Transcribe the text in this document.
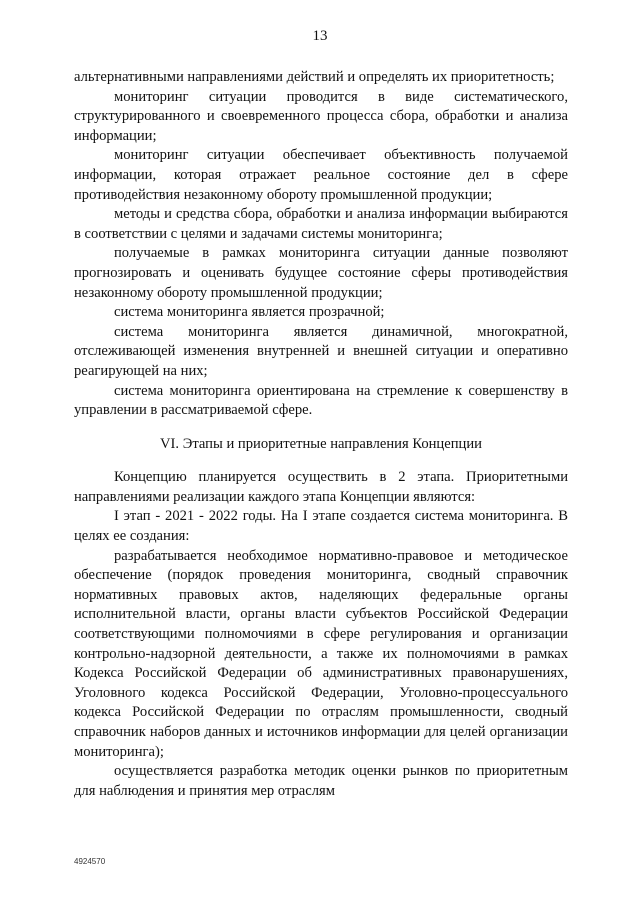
13

альтернативными направлениями действий и определять их приоритетность;

мониторинг ситуации проводится в виде систематического, структурированного и своевременного процесса сбора, обработки и анализа информации;

мониторинг ситуации обеспечивает объективность получаемой информации, которая отражает реальное состояние дел в сфере противодействия незаконному обороту промышленной продукции;

методы и средства сбора, обработки и анализа информации выбираются в соответствии с целями и задачами системы мониторинга;

получаемые в рамках мониторинга ситуации данные позволяют прогнозировать и оценивать будущее состояние сферы противодействия незаконному обороту промышленной продукции;

система мониторинга является прозрачной;

система мониторинга является динамичной, многократной, отслеживающей изменения внутренней и внешней ситуации и оперативно реагирующей на них;

система мониторинга ориентирована на стремление к совершенству в управлении в рассматриваемой сфере.

VI. Этапы и приоритетные направления Концепции

Концепцию планируется осуществить в 2 этапа. Приоритетными направлениями реализации каждого этапа Концепции являются:

I этап - 2021 - 2022 годы. На I этапе создается система мониторинга. В целях ее создания:

разрабатывается необходимое нормативно-правовое и методическое обеспечение (порядок проведения мониторинга, сводный справочник нормативных правовых актов, наделяющих федеральные органы исполнительной власти, органы власти субъектов Российской Федерации соответствующими полномочиями в сфере регулирования и организации контрольно-надзорной деятельности, а также их полномочиями в рамках Кодекса Российской Федерации об административных правонарушениях, Уголовного кодекса Российской Федерации, Уголовно-процессуального кодекса Российской Федерации по отраслям промышленности, сводный справочник наборов данных и источников информации для целей организации мониторинга);

осуществляется разработка методик оценки рынков по приоритетным для наблюдения и принятия мер отраслям

4924570
